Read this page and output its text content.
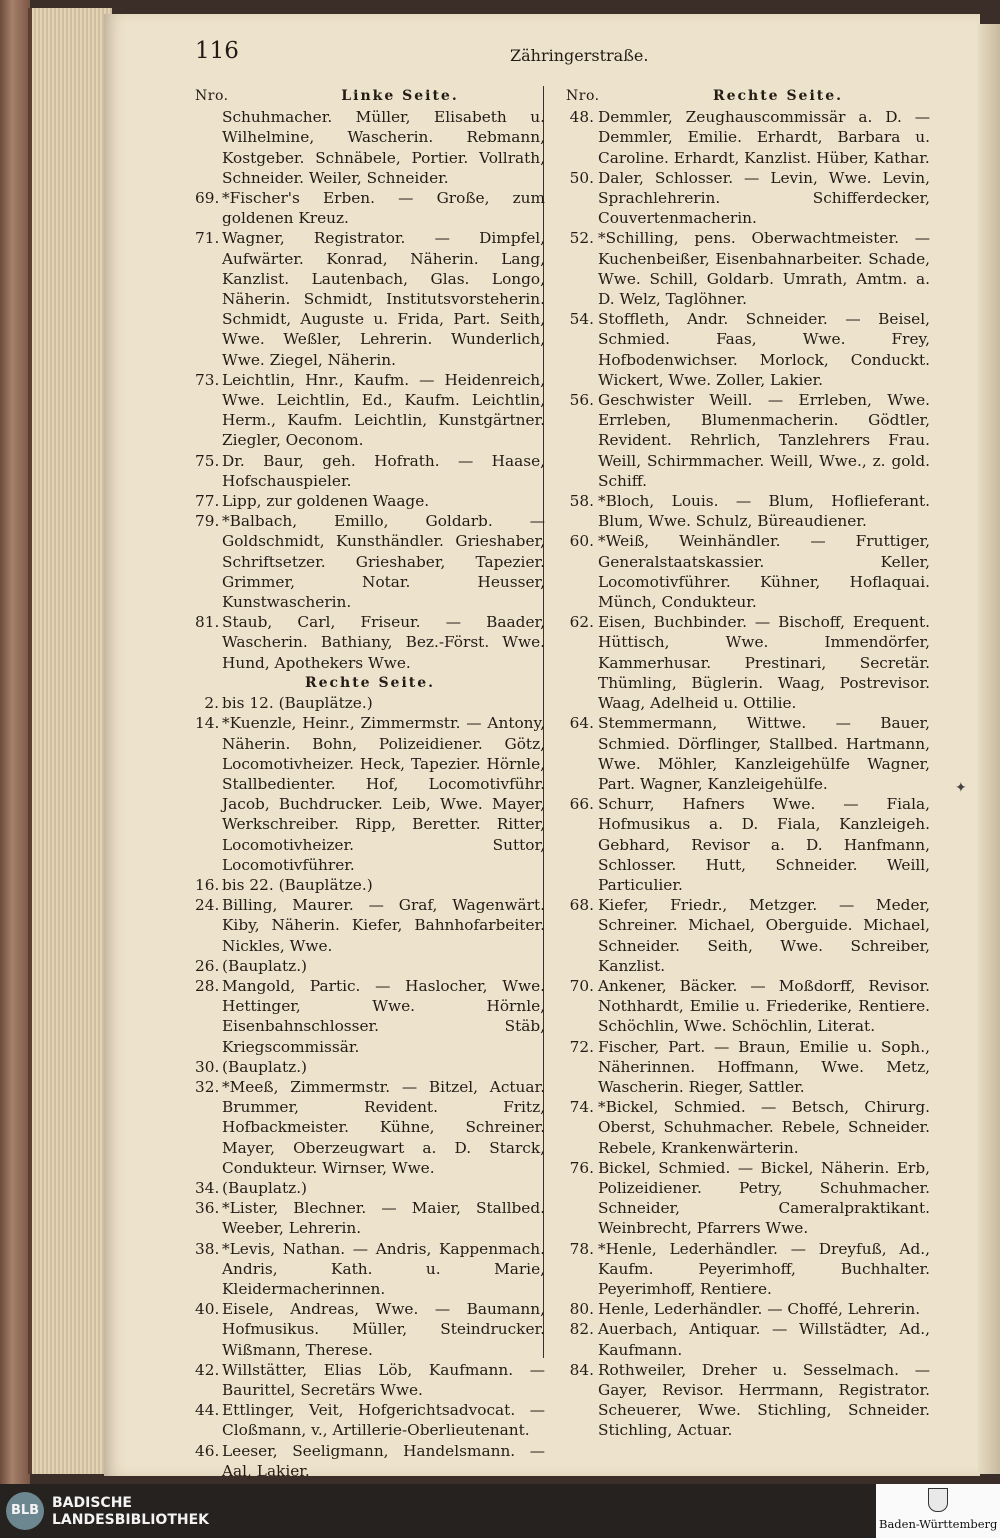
116	Zähringerstraße.
Nro.	Linke Seite.
Schuhmacher. Müller, Elisabeth u. Wilhelmine, Wascherin. Rebmann, Kostgeber. Schnäbele, Portier. Vollrath, Schneider. Weiler, Schneider.
69. *Fischer's Erben. — Große, zum goldenen Kreuz.
71. Wagner, Registrator. — Dimpfel, Aufwärter. Konrad, Näherin. Lang, Kanzlist. Lautenbach, Glas. Longo, Näherin. Schmidt, Institutsvorsteherin. Schmidt, Auguste u. Frida, Part. Seith, Wwe. Weßler, Lehrerin. Wunderlich, Wwe. Ziegel, Näherin.
73. Leichtlin, Hnr., Kaufm. — Heidenreich, Wwe. Leichtlin, Ed., Kaufm. Leichtlin, Herm., Kaufm. Leichtlin, Kunstgärtner. Ziegler, Oeconom.
75. Dr. Baur, geh. Hofrath. — Haase, Hofschauspieler.
77. Lipp, zur goldenen Waage.
79. *Balbach, Emillo, Goldarb. — Goldschmidt, Kunsthändler. Grieshaber, Schriftsetzer. Grieshaber, Tapezier. Grimmer, Notar. Heusser, Kunstwascherin.
81. Staub, Carl, Friseur. — Baader, Wascherin. Bathiany, Bez.-Först. Wwe. Hund, Apothekers Wwe.
Rechte Seite.
2. bis 12. (Bauplätze.)
14. *Kuenzle, Heinr., Zimmermstr. — Antony, Näherin. Bohn, Polizeidiener. Götz, Locomotivheizer. Heck, Tapezier. Hörnle, Stallbedienter. Hof, Locomotivführ. Jacob, Buchdrucker. Leib, Wwe. Mayer, Werkschreiber. Ripp, Beretter. Ritter, Locomotivheizer. Suttor, Locomotivführer.
16. bis 22. (Bauplätze.)
24. Billing, Maurer. — Graf, Wagenwärt. Kiby, Näherin. Kiefer, Bahnhofarbeiter. Nickles, Wwe.
26. (Bauplatz.)
28. Mangold, Partic. — Haslocher, Wwe. Hettinger, Wwe. Hörnle, Eisenbahnschlosser. Stäb, Kriegscommissär.
30. (Bauplatz.)
32. *Meeß, Zimmermstr. — Bitzel, Actuar. Brummer, Revident. Fritz, Hofbackmeister. Kühne, Schreiner. Mayer, Oberzeugwart a. D. Starck, Condukteur. Wirnser, Wwe.
34. (Bauplatz.)
36. *Lister, Blechner. — Maier, Stallbed. Weeber, Lehrerin.
38. *Levis, Nathan. — Andris, Kappenmach. Andris, Kath. u. Marie, Kleidermacherinnen.
40. Eisele, Andreas, Wwe. — Baumann, Hofmusikus. Müller, Steindrucker. Wißmann, Therese.
42. Willstätter, Elias Löb, Kaufmann. — Baurittel, Secretärs Wwe.
44. Ettlinger, Veit, Hofgerichtsadvocat. — Cloßmann, v., Artillerie-Oberlieutenant.
46. Leeser, Seeligmann, Handelsmann. — Aal, Lakier.
Nro.	Rechte Seite.
48. Demmler, Zeughauscommissär a. D. — Demmler, Emilie. Erhardt, Barbara u. Caroline. Erhardt, Kanzlist. Hüber, Kathar.
50. Daler, Schlosser. — Levin, Wwe. Levin, Sprachlehrerin. Schifferdecker, Couvertenmacherin.
52. *Schilling, pens. Oberwachtmeister. — Kuchenbeißer, Eisenbahnarbeiter. Schade, Wwe. Schill, Goldarb. Umrath, Amtm. a. D. Welz, Taglöhner.
54. Stoffleth, Andr. Schneider. — Beisel, Schmied. Faas, Wwe. Frey, Hofbodenwichser. Morlock, Conduckt. Wickert, Wwe. Zoller, Lakier.
56. Geschwister Weill. — Errleben, Wwe. Errleben, Blumenmacherin. Gödtler, Revident. Rehrlich, Tanzlehrers Frau. Weill, Schirmmacher. Weill, Wwe., z. gold. Schiff.
58. *Bloch, Louis. — Blum, Hoflieferant. Blum, Wwe. Schulz, Büreaudiener.
60. *Weiß, Weinhändler. — Fruttiger, Generalstaatskassier. Keller, Locomotivführer. Kühner, Hoflaquai. Münch, Condukteur.
62. Eisen, Buchbinder. — Bischoff, Erequent. Hüttisch, Wwe. Immendörfer, Kammerhusar. Prestinari, Secretär. Thümling, Büglerin. Waag, Postrevisor. Waag, Adelheid u. Ottilie.
64. Stemmermann, Wittwe. — Bauer, Schmied. Dörflinger, Stallbed. Hartmann, Wwe. Möhler, Kanzleigehülfe Wagner, Part. Wagner, Kanzleigehülfe.
66. Schurr, Hafners Wwe. — Fiala, Hofmusikus a. D. Fiala, Kanzleigeh. Gebhard, Revisor a. D. Hanfmann, Schlosser. Hutt, Schneider. Weill, Particulier.
68. Kiefer, Friedr., Metzger. — Meder, Schreiner. Michael, Oberguide. Michael, Schneider. Seith, Wwe. Schreiber, Kanzlist.
70. Ankener, Bäcker. — Moßdorff, Revisor. Nothhardt, Emilie u. Friederike, Rentiere. Schöchlin, Wwe. Schöchlin, Literat.
72. Fischer, Part. — Braun, Emilie u. Soph., Näherinnen. Hoffmann, Wwe. Metz, Wascherin. Rieger, Sattler.
74. *Bickel, Schmied. — Betsch, Chirurg. Oberst, Schuhmacher. Rebele, Schneider. Rebele, Krankenwärterin.
76. Bickel, Schmied. — Bickel, Näherin. Erb, Polizeidiener. Petry, Schuhmacher. Schneider, Cameralpraktikant. Weinbrecht, Pfarrers Wwe.
78. *Henle, Lederhändler. — Dreyfuß, Ad., Kaufm. Peyerimhoff, Buchhalter. Peyerimhoff, Rentiere.
80. Henle, Lederhändler. — Choffé, Lehrerin.
82. Auerbach, Antiquar. — Willstädter, Ad., Kaufmann.
84. Rothweiler, Dreher u. Sesselmach. — Gayer, Revisor. Herrmann, Registrator. Scheuerer, Wwe. Stichling, Schneider. Stichling, Actuar.
✦
BLB BADISCHE
LANDESBIBLIOTHEK	Baden-Württemberg
